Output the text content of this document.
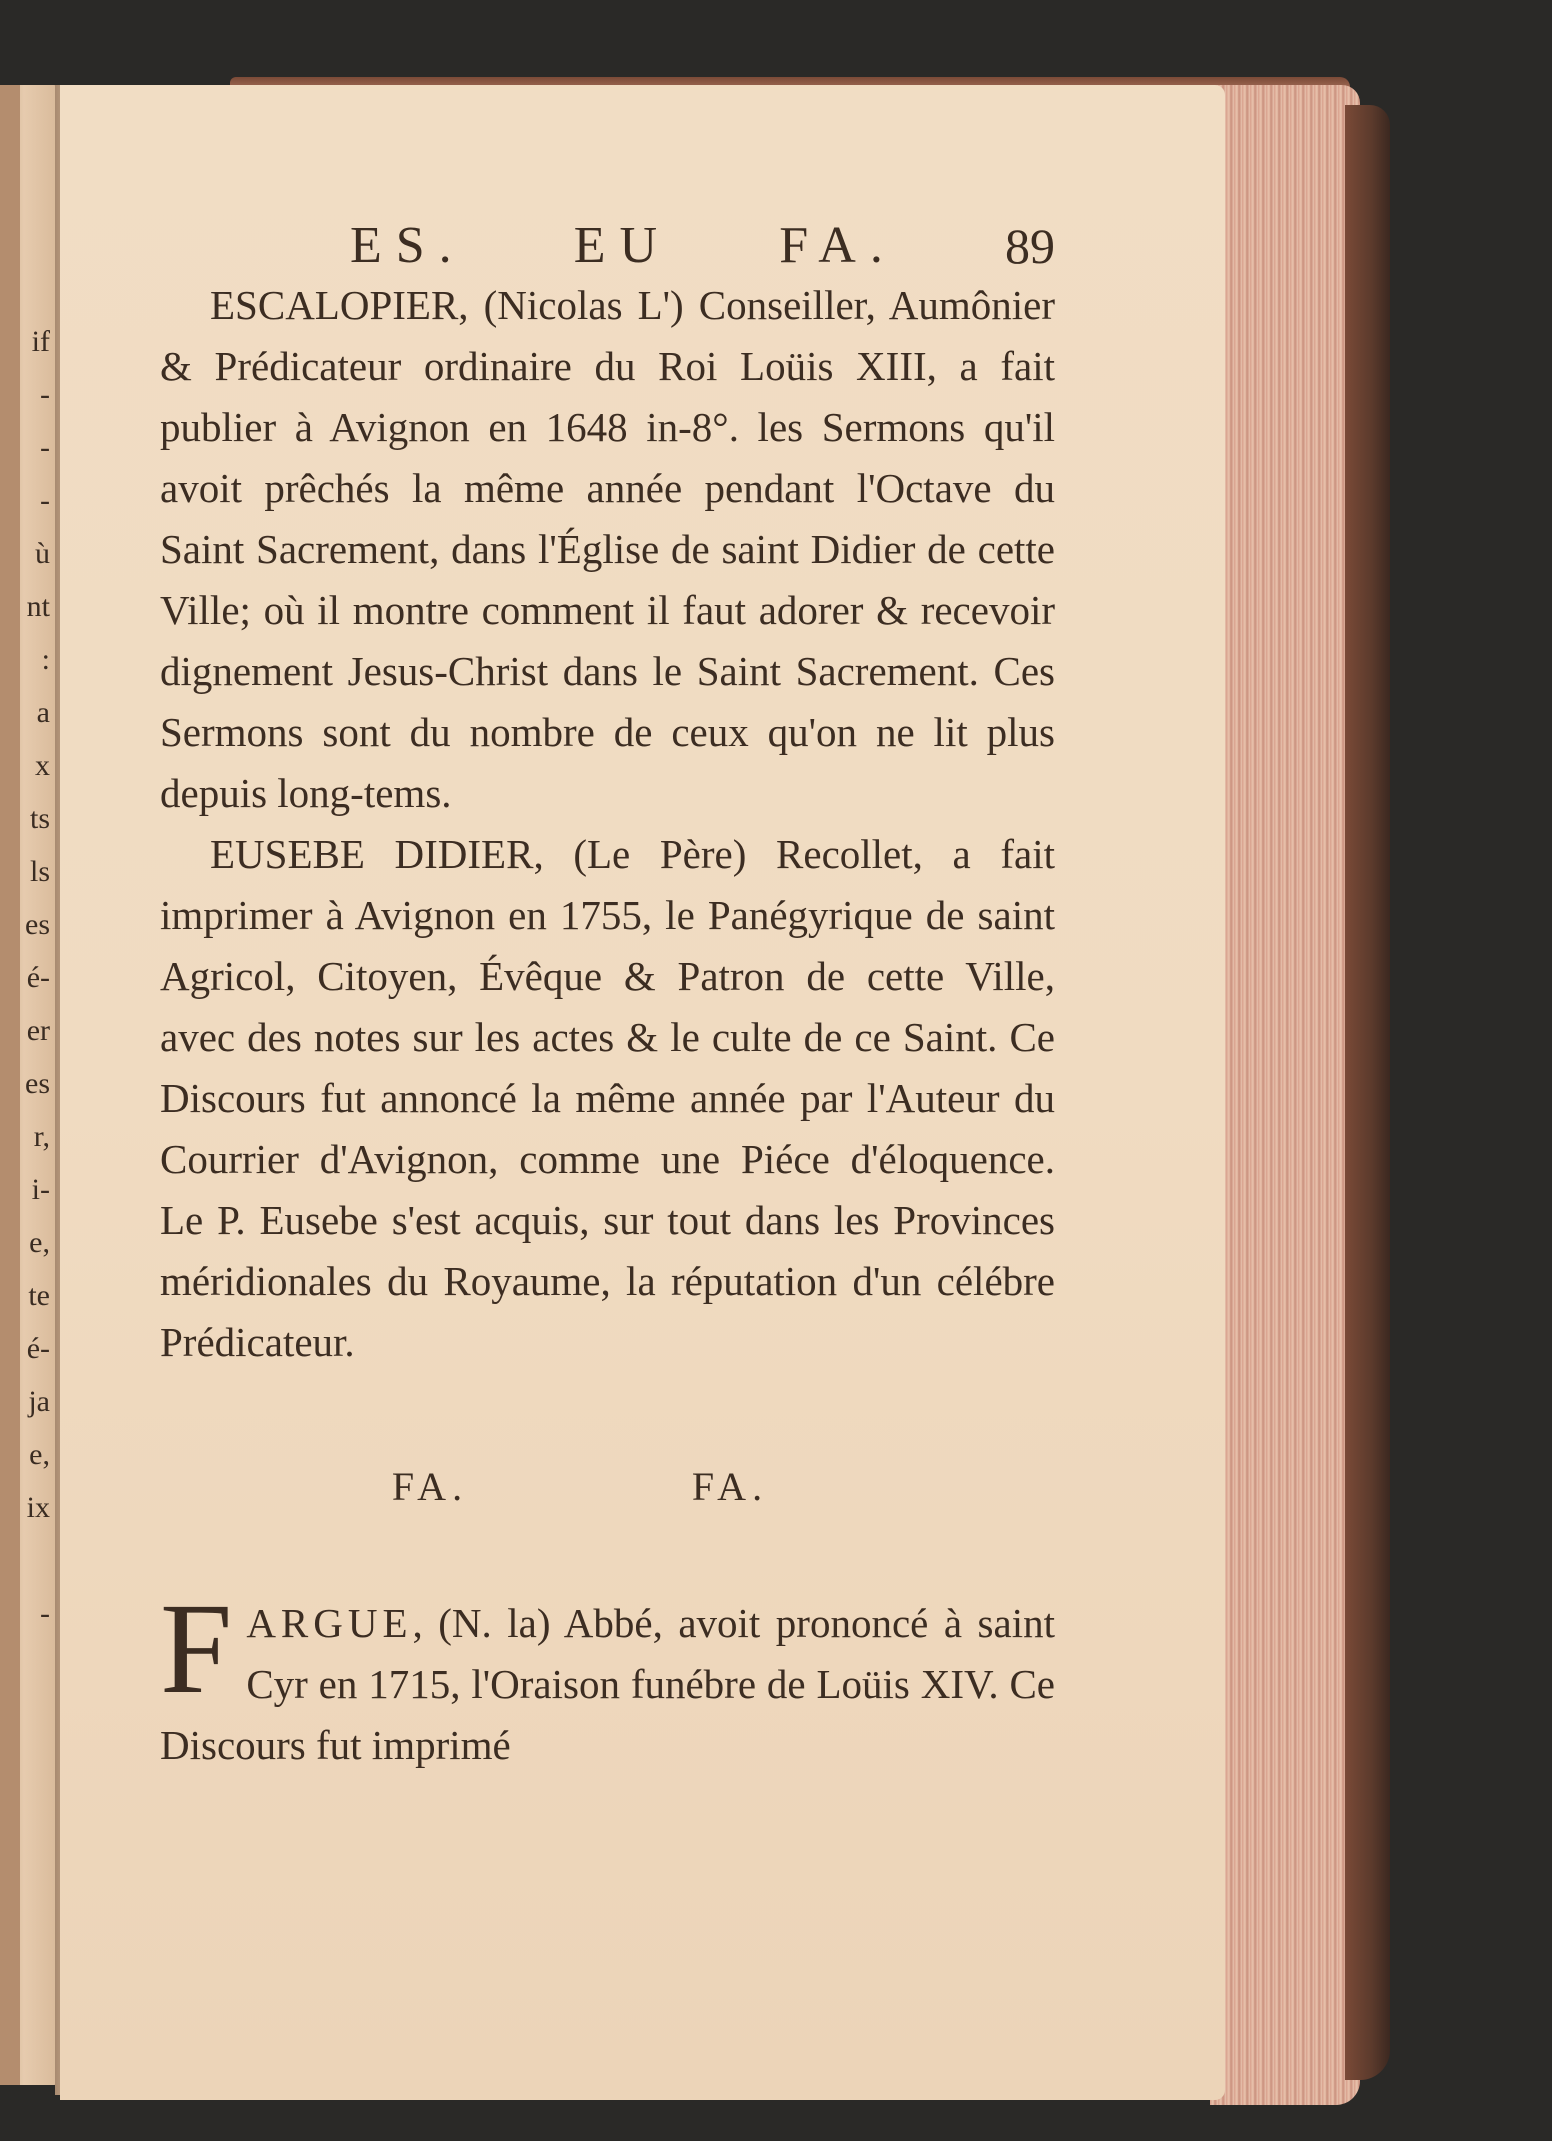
if
-
-
-
ù
nt
:
a
x
ts
ls
es
é-
er
es
r,
i-
e,
te
é-
ja
e,
ix
-
ES. EU FA. 89

ESCALOPIER, (Nicolas L') Conseiller, Aumônier & Prédicateur ordinaire du Roi Loüis XIII, a fait publier à Avignon en 1648 in-8°. les Sermons qu'il avoit prêchés la même année pendant l'Octave du Saint Sacrement, dans l'Église de saint Didier de cette Ville; où il montre comment il faut adorer & recevoir dignement Jesus-Christ dans le Saint Sacrement. Ces Sermons sont du nombre de ceux qu'on ne lit plus depuis long-tems.

EUSEBE DIDIER, (Le Père) Recollet, a fait imprimer à Avignon en 1755, le Panégyrique de saint Agricol, Citoyen, Évêque & Patron de cette Ville, avec des notes sur les actes & le culte de ce Saint. Ce Discours fut annoncé la même année par l'Auteur du Courrier d'Avignon, comme une Piéce d'éloquence. Le P. Eusebe s'est acquis, sur tout dans les Provinces méridionales du Royaume, la réputation d'un célébre Prédicateur.

FA.	FA.
FARGUE, (N. la) Abbé, avoit prononcé à saint Cyr en 1715, l'Oraison funébre de Loüis XIV. Ce Discours fut imprimé
